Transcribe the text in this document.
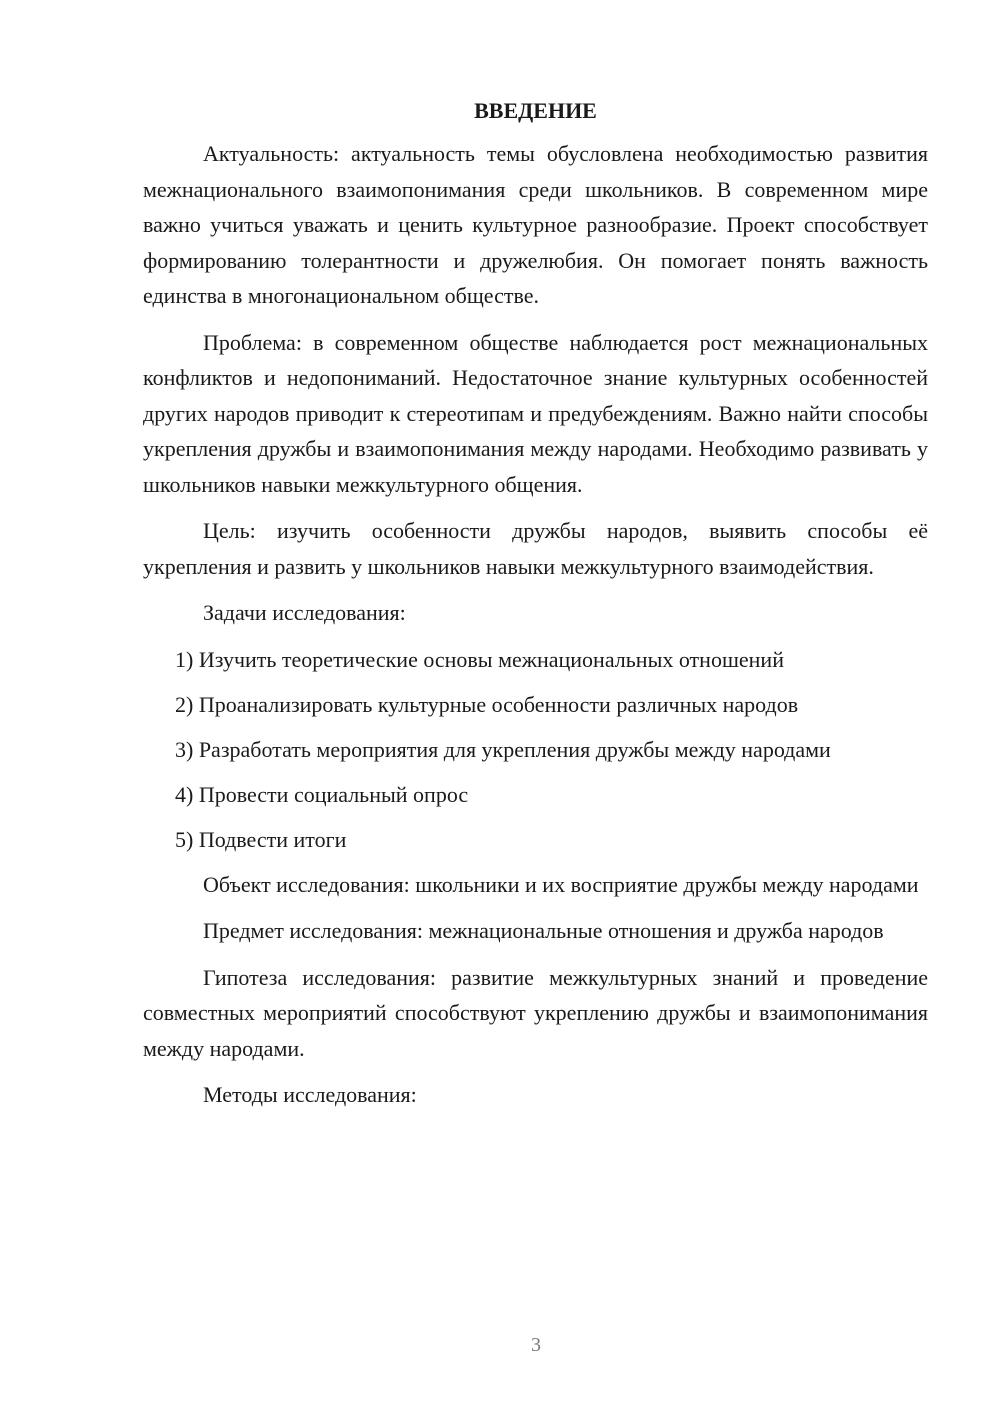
ВВЕДЕНИЕ

Актуальность: актуальность темы обусловлена необходимостью развития межнационального взаимопонимания среди школьников. В современном мире важно учиться уважать и ценить культурное разнообразие. Проект способствует формированию толерантности и дружелюбия. Он помогает понять важность единства в многонациональном обществе.

Проблема: в современном обществе наблюдается рост межнациональных конфликтов и недопониманий. Недостаточное знание культурных особенностей других народов приводит к стереотипам и предубеждениям. Важно найти способы укрепления дружбы и взаимопонимания между народами. Необходимо развивать у школьников навыки межкультурного общения.

Цель: изучить особенности дружбы народов, выявить способы её укрепления и развить у школьников навыки межкультурного взаимодействия.

Задачи исследования:

1) Изучить теоретические основы межнациональных отношений

2) Проанализировать культурные особенности различных народов

3) Разработать мероприятия для укрепления дружбы между народами

4) Провести социальный опрос

5) Подвести итоги

Объект исследования: школьники и их восприятие дружбы между народами

Предмет исследования: межнациональные отношения и дружба народов

Гипотеза исследования: развитие межкультурных знаний и проведение совместных мероприятий способствуют укреплению дружбы и взаимопонимания между народами.

Методы исследования:

3
